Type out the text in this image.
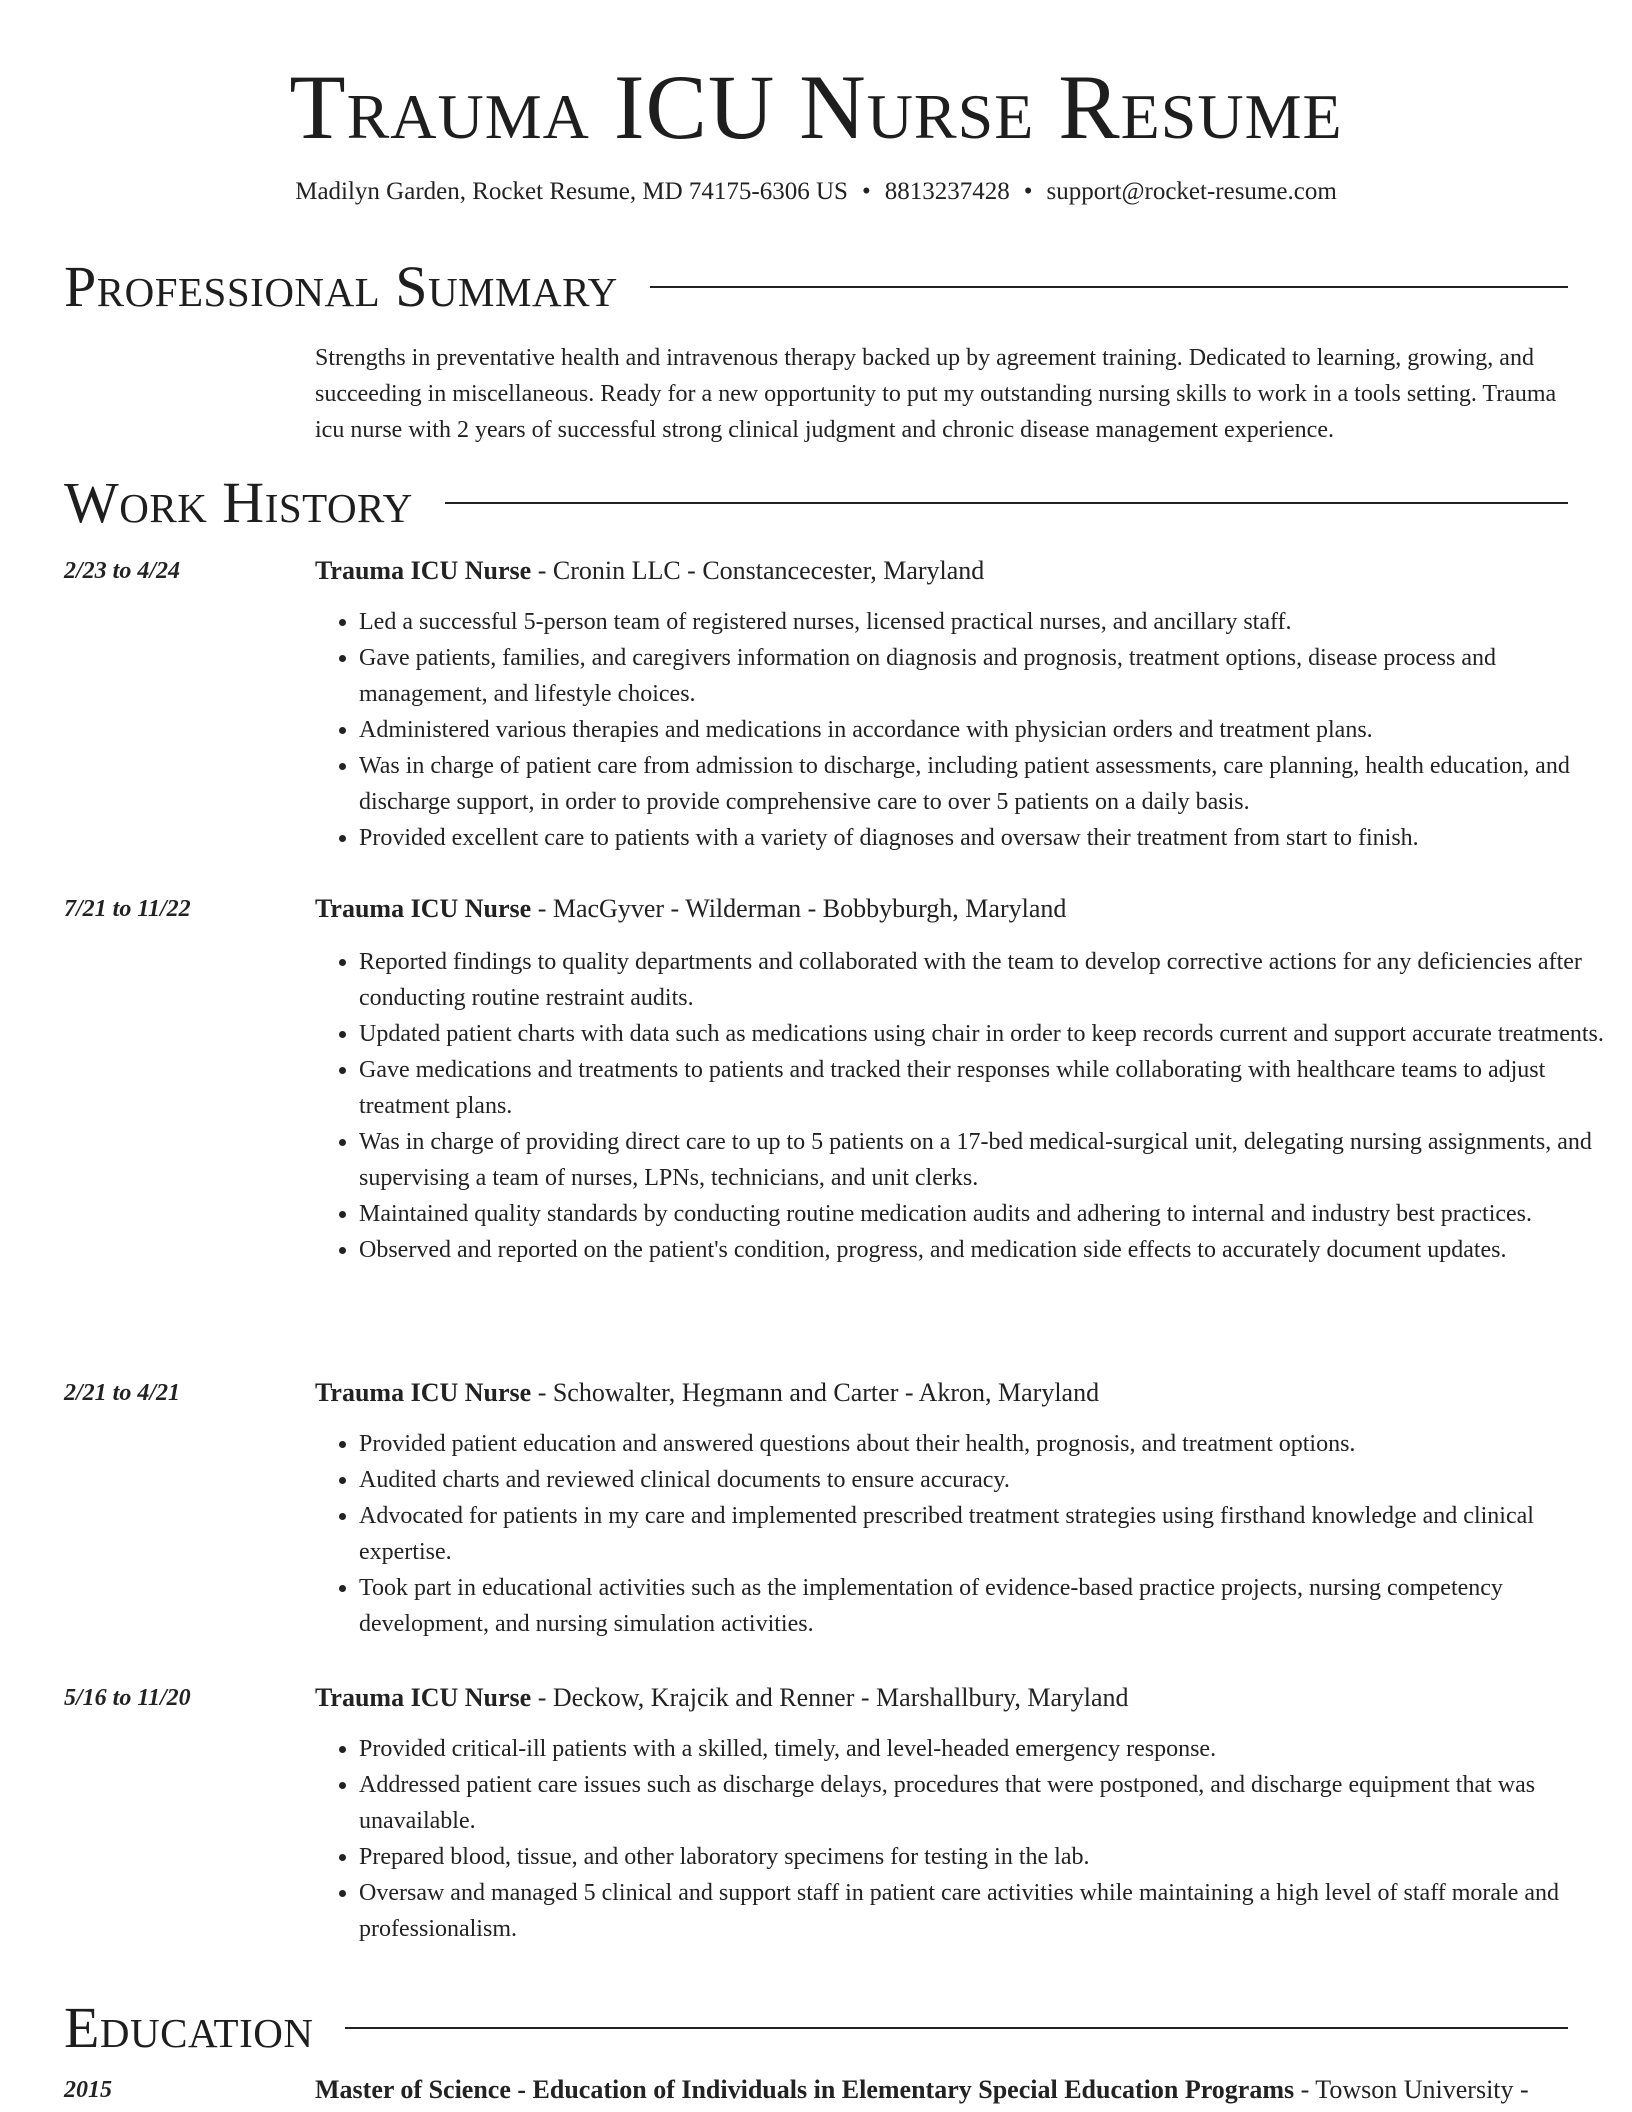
Trauma ICU Nurse Resume
Madilyn Garden, Rocket Resume, MD 74175-6306 US • 8813237428 • support@rocket-resume.com
Professional Summary

Strengths in preventative health and intravenous therapy backed up by agreement training. Dedicated to learning, growing, and succeeding in miscellaneous. Ready for a new opportunity to put my outstanding nursing skills to work in a tools setting. Trauma icu nurse with 2 years of successful strong clinical judgment and chronic disease management experience.

Work History
2/23 to 4/24	Trauma ICU Nurse - Cronin LLC - Constancecester, Maryland
• Led a successful 5-person team of registered nurses, licensed practical nurses, and ancillary staff.
• Gave patients, families, and caregivers information on diagnosis and prognosis, treatment options, disease process and management, and lifestyle choices.
• Administered various therapies and medications in accordance with physician orders and treatment plans.
• Was in charge of patient care from admission to discharge, including patient assessments, care planning, health education, and discharge support, in order to provide comprehensive care to over 5 patients on a daily basis.
• Provided excellent care to patients with a variety of diagnoses and oversaw their treatment from start to finish.
7/21 to 11/22	Trauma ICU Nurse - MacGyver - Wilderman - Bobbyburgh, Maryland
• Reported findings to quality departments and collaborated with the team to develop corrective actions for any deficiencies after conducting routine restraint audits.
• Updated patient charts with data such as medications using chair in order to keep records current and support accurate treatments.
• Gave medications and treatments to patients and tracked their responses while collaborating with healthcare teams to adjust treatment plans.
• Was in charge of providing direct care to up to 5 patients on a 17-bed medical-surgical unit, delegating nursing assignments, and supervising a team of nurses, LPNs, technicians, and unit clerks.
• Maintained quality standards by conducting routine medication audits and adhering to internal and industry best practices.
• Observed and reported on the patient's condition, progress, and medication side effects to accurately document updates.
2/21 to 4/21	Trauma ICU Nurse - Schowalter, Hegmann and Carter - Akron, Maryland
• Provided patient education and answered questions about their health, prognosis, and treatment options.
• Audited charts and reviewed clinical documents to ensure accuracy.
• Advocated for patients in my care and implemented prescribed treatment strategies using firsthand knowledge and clinical expertise.
• Took part in educational activities such as the implementation of evidence-based practice projects, nursing competency development, and nursing simulation activities.
5/16 to 11/20	Trauma ICU Nurse - Deckow, Krajcik and Renner - Marshallbury, Maryland
• Provided critical-ill patients with a skilled, timely, and level-headed emergency response.
• Addressed patient care issues such as discharge delays, procedures that were postponed, and discharge equipment that was unavailable.
• Prepared blood, tissue, and other laboratory specimens for testing in the lab.
• Oversaw and managed 5 clinical and support staff in patient care activities while maintaining a high level of staff morale and professionalism.
Education
2015	Master of Science - Education of Individuals in Elementary Special Education Programs - Towson University -
